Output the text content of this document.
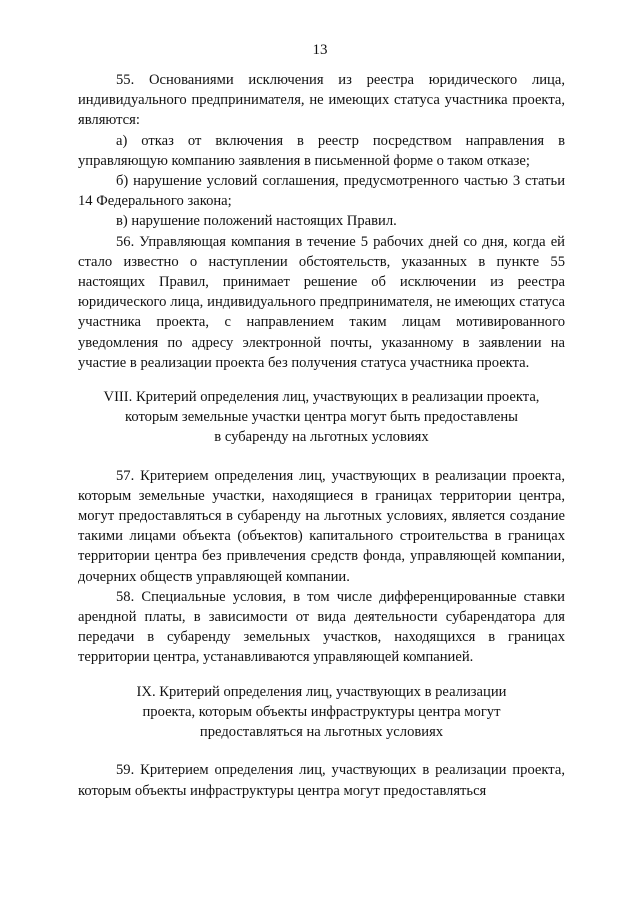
13

55. Основаниями исключения из реестра юридического лица, индивидуального предпринимателя, не имеющих статуса участника проекта, являются:

а) отказ от включения в реестр посредством направления в управляющую компанию заявления в письменной форме о таком отказе;

б) нарушение условий соглашения, предусмотренного частью 3 статьи 14 Федерального закона;

в) нарушение положений настоящих Правил.

56. Управляющая компания в течение 5 рабочих дней со дня, когда ей стало известно о наступлении обстоятельств, указанных в пункте 55 настоящих Правил, принимает решение об исключении из реестра юридического лица, индивидуального предпринимателя, не имеющих статуса участника проекта, с направлением таким лицам мотивированного уведомления по адресу электронной почты, указанному в заявлении на участие в реализации проекта без получения статуса участника проекта.

VIII. Критерий определения лиц, участвующих в реализации проекта,
которым земельные участки центра могут быть предоставлены
в субаренду на льготных условиях

57. Критерием определения лиц, участвующих в реализации проекта, которым земельные участки, находящиеся в границах территории центра, могут предоставляться в субаренду на льготных условиях, является создание такими лицами объекта (объектов) капитального строительства в границах территории центра без привлечения средств фонда, управляющей компании, дочерних обществ управляющей компании.

58. Специальные условия, в том числе дифференцированные ставки арендной платы, в зависимости от вида деятельности субарендатора для передачи в субаренду земельных участков, находящихся в границах территории центра, устанавливаются управляющей компанией.

IX. Критерий определения лиц, участвующих в реализации
проекта, которым объекты инфраструктуры центра могут
предоставляться на льготных условиях

59. Критерием определения лиц, участвующих в реализации проекта, которым объекты инфраструктуры центра могут предоставляться
